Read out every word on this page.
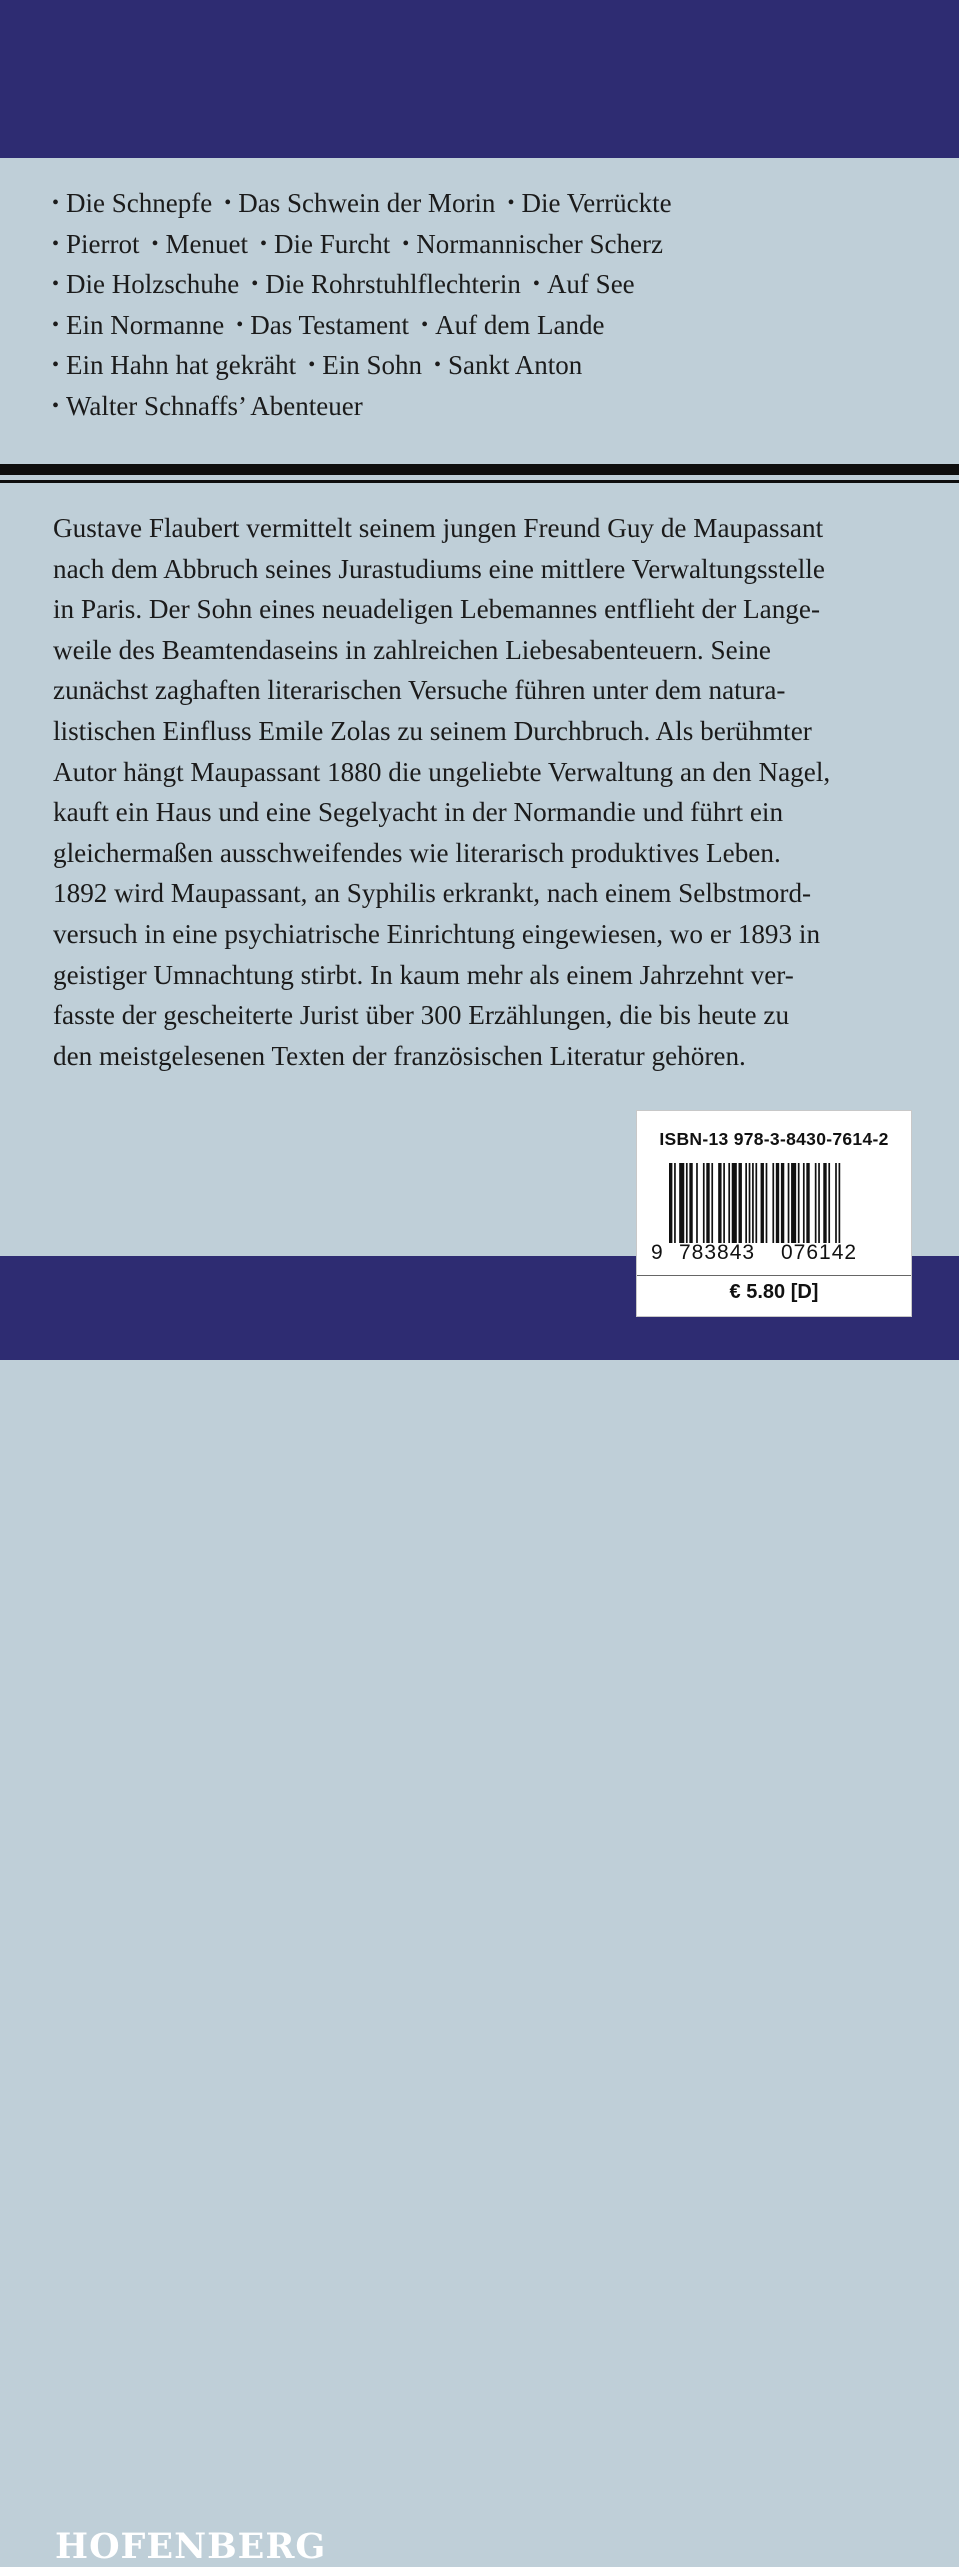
• Die Schnepfe • Das Schwein der Morin • Die Verrückte
• Pierrot • Menuet • Die Furcht • Normannischer Scherz
• Die Holzschuhe • Die Rohrstuhlflechterin • Auf See
• Ein Normanne • Das Testament • Auf dem Lande
• Ein Hahn hat gekräht • Ein Sohn • Sankt Anton
• Walter Schnaffs’ Abenteuer
Gustave Flaubert vermittelt seinem jungen Freund Guy de Maupassant
nach dem Abbruch seines Jurastudiums eine mittlere Verwaltungsstelle
in Paris. Der Sohn eines neuadeligen Lebemannes entflieht der Lange-
weile des Beamtendaseins in zahlreichen Liebesabenteuern. Seine
zunächst zaghaften literarischen Versuche führen unter dem natura-
listischen Einfluss Emile Zolas zu seinem Durchbruch. Als berühmter
Autor hängt Maupassant 1880 die ungeliebte Verwaltung an den Nagel,
kauft ein Haus und eine Segelyacht in der Normandie und führt ein
gleichermaßen ausschweifendes wie literarisch produktives Leben.
1892 wird Maupassant, an Syphilis erkrankt, nach einem Selbstmord-
versuch in eine psychiatrische Einrichtung eingewiesen, wo er 1893 in
geistiger Umnachtung stirbt. In kaum mehr als einem Jahrzehnt ver-
fasste der gescheiterte Jurist über 300 Erzählungen, die bis heute zu
den meistgelesenen Texten der französischen Literatur gehören.
HOFENBERG
ISBN-13 978-3-8430-7614-2
9 783843 076142
€ 5.80 [D]
